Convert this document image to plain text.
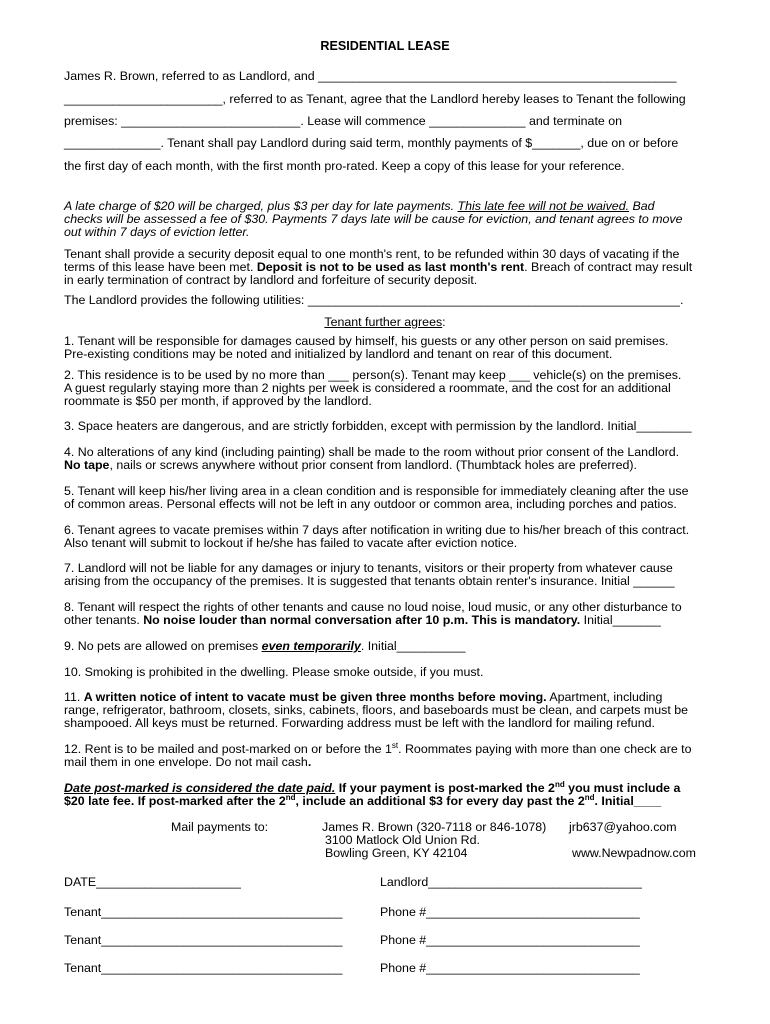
RESIDENTIAL LEASE
James R. Brown, referred to as Landlord, and ____________________________________________________
_______________________, referred to as Tenant, agree that the Landlord hereby leases to Tenant the following
premises: __________________________. Lease will commence ______________ and terminate on
______________. Tenant shall pay Landlord during said term, monthly payments of $_______, due on or before
the first day of each month, with the first month pro-rated. Keep a copy of this lease for your reference.
A late charge of $20 will be charged, plus $3 per day for late payments. This late fee will not be waived. Bad
checks will be assessed a fee of $30. Payments 7 days late will be cause for eviction, and tenant agrees to move
out within 7 days of eviction letter.
Tenant shall provide a security deposit equal to one month's rent, to be refunded within 30 days of vacating if the
terms of this lease have been met. Deposit is not to be used as last month's rent. Breach of contract may result
in early termination of contract by landlord and forfeiture of security deposit.
The Landlord provides the following utilities: ______________________________________________________.
Tenant further agrees:
1. Tenant will be responsible for damages caused by himself, his guests or any other person on said premises.
Pre-existing conditions may be noted and initialized by landlord and tenant on rear of this document.
2. This residence is to be used by no more than ___ person(s). Tenant may keep ___ vehicle(s) on the premises.
A guest regularly staying more than 2 nights per week is considered a roommate, and the cost for an additional
roommate is $50 per month, if approved by the landlord.
3. Space heaters are dangerous, and are strictly forbidden, except with permission by the landlord. Initial________
4. No alterations of any kind (including painting) shall be made to the room without prior consent of the Landlord.
No tape, nails or screws anywhere without prior consent from landlord. (Thumbtack holes are preferred).
5. Tenant will keep his/her living area in a clean condition and is responsible for immediately cleaning after the use
of common areas. Personal effects will not be left in any outdoor or common area, including porches and patios.
6. Tenant agrees to vacate premises within 7 days after notification in writing due to his/her breach of this contract.
Also tenant will submit to lockout if he/she has failed to vacate after eviction notice.
7. Landlord will not be liable for any damages or injury to tenants, visitors or their property from whatever cause
arising from the occupancy of the premises. It is suggested that tenants obtain renter's insurance. Initial ______
8. Tenant will respect the rights of other tenants and cause no loud noise, loud music, or any other disturbance to
other tenants. No noise louder than normal conversation after 10 p.m. This is mandatory. Initial_______
9. No pets are allowed on premises even temporarily. Initial__________
10. Smoking is prohibited in the dwelling. Please smoke outside, if you must.
11. A written notice of intent to vacate must be given three months before moving. Apartment, including
range, refrigerator, bathroom, closets, sinks, cabinets, floors, and baseboards must be clean, and carpets must be
shampooed. All keys must be returned. Forwarding address must be left with the landlord for mailing refund.
12. Rent is to be mailed and post-marked on or before the 1st. Roommates paying with more than one check are to
mail them in one envelope. Do not mail cash.
Date post-marked is considered the date paid. If your payment is post-marked the 2nd you must include a
$20 late fee. If post-marked after the 2nd, include an additional $3 for every day past the 2nd. Initial____
Mail payments to:	James R. Brown (320-7118 or 846-1078) jrb637@yahoo.com
3100 Matlock Old Union Rd.
Bowling Green, KY 42104	www.Newpadnow.com
DATE_____________________	Landlord_______________________________
Tenant___________________________________	Phone #_______________________________
Tenant___________________________________	Phone #_______________________________
Tenant___________________________________	Phone #_______________________________
